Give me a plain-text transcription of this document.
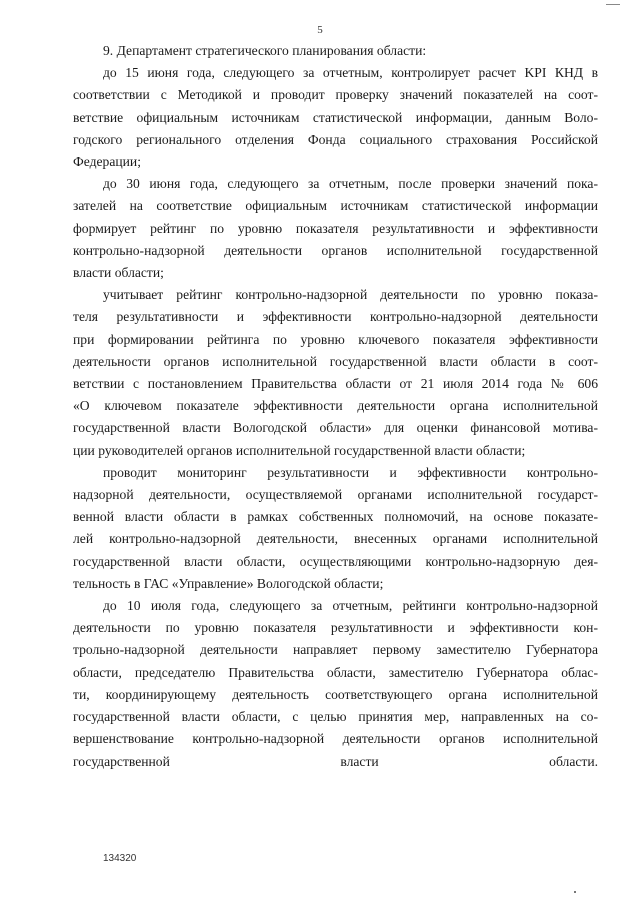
5
9. Департамент стратегического планирования области:
до 15 июня года, следующего за отчетным, контролирует расчет KPI КНД в
соответствии с Методикой и проводит проверку значений показателей на соот-
ветствие официальным источникам статистической информации, данным Воло-
годского регионального отделения Фонда социального страхования Российской
Федерации;
до 30 июня года, следующего за отчетным, после проверки значений пока-
зателей на соответствие официальным источникам статистической информации
формирует рейтинг по уровню показателя результативности и эффективности
контрольно-надзорной деятельности органов исполнительной государственной
власти области;
учитывает рейтинг контрольно-надзорной деятельности по уровню показа-
теля результативности и эффективности контрольно-надзорной деятельности
при формировании рейтинга по уровню ключевого показателя эффективности
деятельности органов исполнительной государственной власти области в соот-
ветствии с постановлением Правительства области от 21 июля 2014 года № 606
«О ключевом показателе эффективности деятельности органа исполнительной
государственной власти Вологодской области» для оценки финансовой мотива-
ции руководителей органов исполнительной государственной власти области;
проводит мониторинг результативности и эффективности контрольно-
надзорной деятельности, осуществляемой органами исполнительной государст-
венной власти области в рамках собственных полномочий, на основе показате-
лей контрольно-надзорной деятельности, внесенных органами исполнительной
государственной власти области, осуществляющими контрольно-надзорную дея-
тельность в ГАС «Управление» Вологодской области;
до 10 июля года, следующего за отчетным, рейтинги контрольно-надзорной
деятельности по уровню показателя результативности и эффективности кон-
трольно-надзорной деятельности направляет первому заместителю Губернатора
области, председателю Правительства области, заместителю Губернатора облас-
ти, координирующему деятельность соответствующего органа исполнительной
государственной власти области, с целью принятия мер, направленных на со-
вершенствование контрольно-надзорной деятельности органов исполнительной
государственной власти области.
134320
